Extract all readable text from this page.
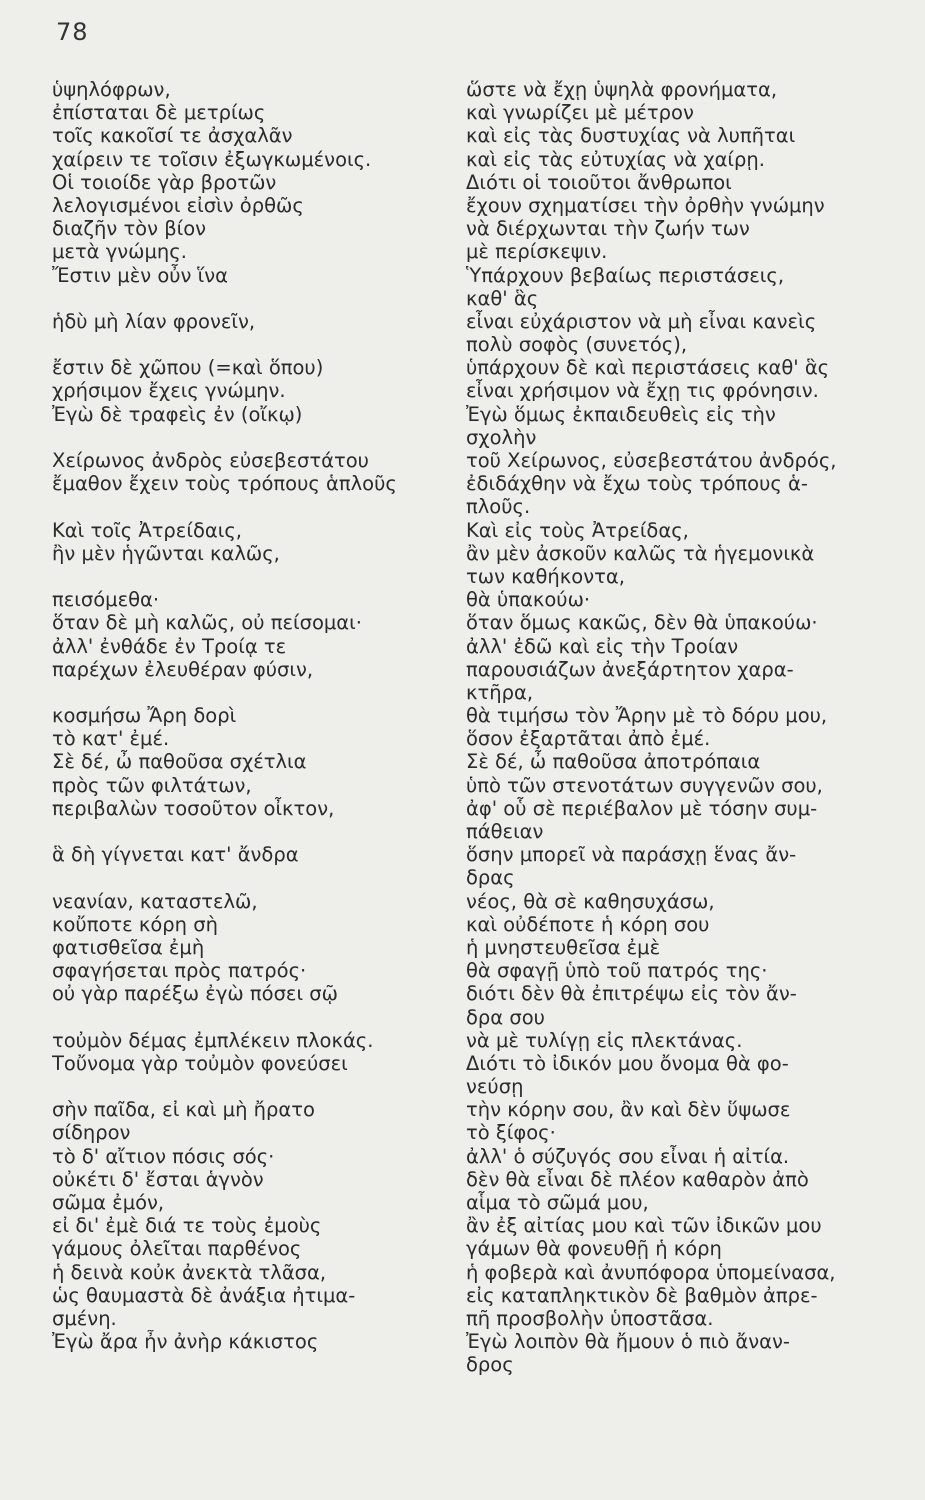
78
ὑψηλόφρων,
ἐπίσταται δὲ μετρίως
τοῖς κακοῖσί τε ἀσχαλᾶν
χαίρειν τε τοῖσιν ἐξωγκωμένοις.
Οἱ τοιοίδε γὰρ βροτῶν
λελογισμένοι εἰσὶν ὀρθῶς
διαζῆν τὸν βίον
μετὰ γνώμης.
Ἔστιν μὲν οὖν ἵνα
ἡδὺ μὴ λίαν φρονεῖν,
ἔστιν δὲ χῶπου (=καὶ ὅπου)
χρήσιμον ἔχεις γνώμην.
Ἐγὼ δὲ τραφεὶς ἐν (οἴκῳ)
Χείρωνος ἀνδρὸς εὐσεβεστάτου
ἔμαθον ἔχειν τοὺς τρόπους ἁπλοῦς
Καὶ τοῖς Ἀτρείδαις,
ἢν μὲν ἡγῶνται καλῶς,
πεισόμεθα·
ὅταν δὲ μὴ καλῶς, οὐ πείσομαι·
ἀλλ' ἐνθάδε ἐν Τροίᾳ τε
παρέχων ἐλευθέραν φύσιν,
κοσμήσω Ἄρη δορὶ
τὸ κατ' ἐμέ.
Σὲ δέ, ὦ παθοῦσα σχέτλια
πρὸς τῶν φιλτάτων,
περιβαλὼν τοσοῦτον οἶκτον,
ἃ δὴ γίγνεται κατ' ἄνδρα
νεανίαν, καταστελῶ,
κοὔποτε κόρη σὴ
φατισθεῖσα ἐμὴ
σφαγήσεται πρὸς πατρός·
οὐ γὰρ παρέξω ἐγὼ πόσει σῷ
τοὐμὸν δέμας ἐμπλέκειν πλοκάς.
Τοὔνομα γὰρ τοὐμὸν φονεύσει
σὴν παῖδα, εἰ καὶ μὴ ἤρατο
σίδηρον
τὸ δ' αἴτιον πόσις σός·
οὐκέτι δ' ἔσται ἁγνὸν
σῶμα ἐμόν,
εἰ δι' ἐμὲ διά τε τοὺς ἐμοὺς
γάμους ὀλεῖται παρθένος
ἡ δεινὰ κοὐκ ἀνεκτὰ τλᾶσα,
ὡς θαυμαστὰ δὲ ἀνάξια ἠτιμα-
σμένη.
Ἐγὼ ἄρα ἦν ἀνὴρ κάκιστος
ὥστε νὰ ἔχῃ ὑψηλὰ φρονήματα,
καὶ γνωρίζει μὲ μέτρον
καὶ εἰς τὰς δυστυχίας νὰ λυπῆται
καὶ εἰς τὰς εὐτυχίας νὰ χαίρῃ.
Διότι οἱ τοιοῦτοι ἄνθρωποι
ἔχουν σχηματίσει τὴν ὀρθὴν γνώμην
νὰ διέρχωνται τὴν ζωήν των
μὲ περίσκεψιν.
Ὑπάρχουν βεβαίως περιστάσεις,
καθ' ἃς
εἶναι εὐχάριστον νὰ μὴ εἶναι κανεὶς
πολὺ σοφὸς (συνετός),
ὑπάρχουν δὲ καὶ περιστάσεις καθ' ἃς
εἶναι χρήσιμον νὰ ἔχῃ τις φρόνησιν.
Ἐγὼ ὅμως ἐκπαιδευθεὶς εἰς τὴν
σχολὴν
τοῦ Χείρωνος, εὐσεβεστάτου ἀνδρός,
ἐδιδάχθην νὰ ἔχω τοὺς τρόπους ἁ-
πλοῦς.
Καὶ εἰς τοὺς Ἀτρείδας,
ἂν μὲν ἀσκοῦν καλῶς τὰ ἡγεμονικὰ
των καθήκοντα,
θὰ ὑπακούω·
ὅταν ὅμως κακῶς, δὲν θὰ ὑπακούω·
ἀλλ' ἐδῶ καὶ εἰς τὴν Τροίαν
παρουσιάζων ἀνεξάρτητον χαρα-
κτῆρα,
θὰ τιμήσω τὸν Ἄρην μὲ τὸ δόρυ μου,
ὅσον ἐξαρτᾶται ἀπὸ ἐμέ.
Σὲ δέ, ὦ παθοῦσα ἀποτρόπαια
ὑπὸ τῶν στενοτάτων συγγενῶν σου,
ἀφ' οὗ σὲ περιέβαλον μὲ τόσην συμ-
πάθειαν
ὅσην μπορεῖ νὰ παράσχῃ ἕνας ἄν-
δρας
νέος, θὰ σὲ καθησυχάσω,
καὶ οὐδέποτε ἡ κόρη σου
ἡ μνηστευθεῖσα ἐμὲ
θὰ σφαγῇ ὑπὸ τοῦ πατρός της·
διότι δὲν θὰ ἐπιτρέψω εἰς τὸν ἄν-
δρα σου
νὰ μὲ τυλίγῃ εἰς πλεκτάνας.
Διότι τὸ ἰδικόν μου ὄνομα θὰ φο-
νεύσῃ
τὴν κόρην σου, ἂν καὶ δὲν ὕψωσε
τὸ ξίφος·
ἀλλ' ὁ σύζυγός σου εἶναι ἡ αἰτία.
δὲν θὰ εἶναι δὲ πλέον καθαρὸν ἀπὸ
αἷμα τὸ σῶμά μου,
ἂν ἐξ αἰτίας μου καὶ τῶν ἰδικῶν μου
γάμων θὰ φονευθῇ ἡ κόρη
ἡ φοβερὰ καὶ ἀνυπόφορα ὑπομείνασα,
εἰς καταπληκτικὸν δὲ βαθμὸν ἀπρε-
πῆ προσβολὴν ὑποστᾶσα.
Ἐγὼ λοιπὸν θὰ ἤμουν ὁ πιὸ ἄναν-
δρος
